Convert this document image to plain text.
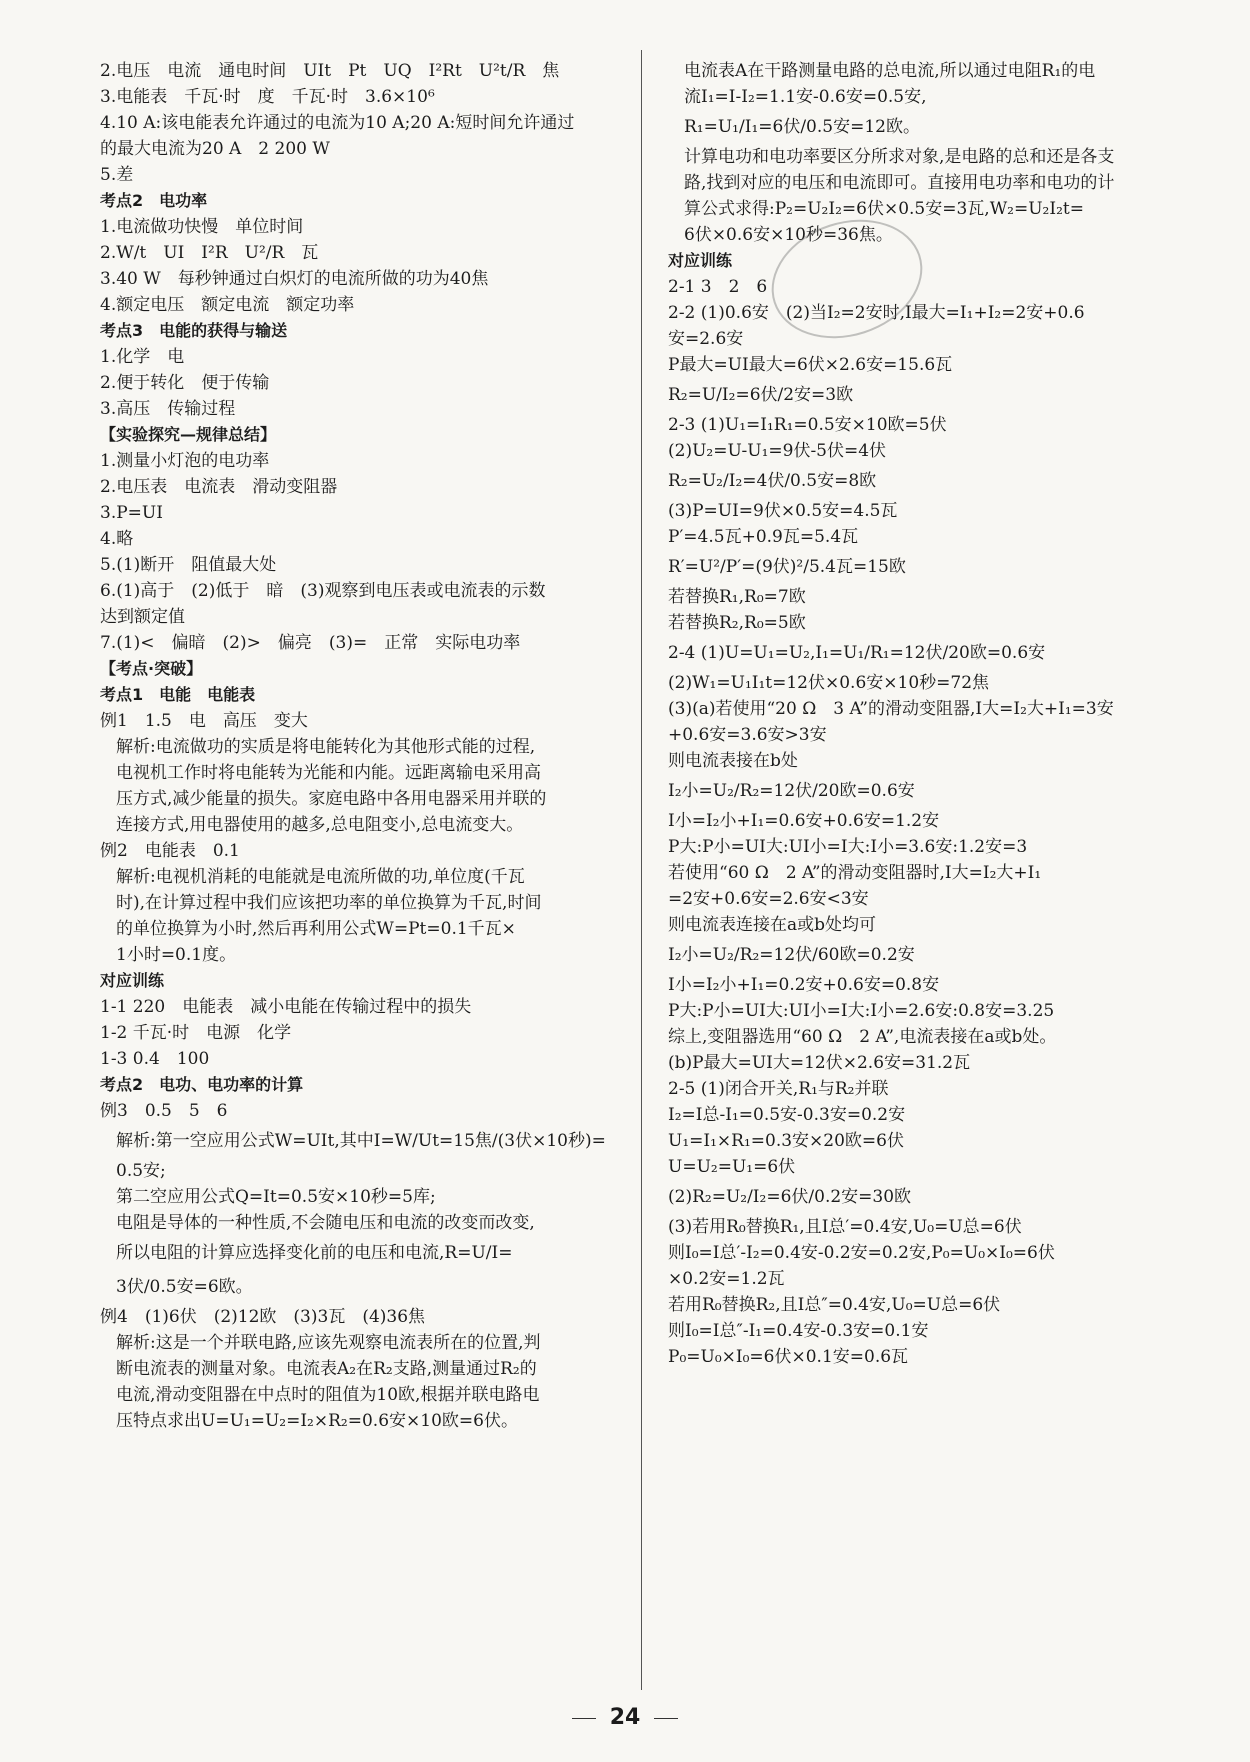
2.电压　电流　通电时间　UIt　Pt　UQ　I²Rt　U²t/R　焦

3.电能表　千瓦·时　度　千瓦·时　3.6×10⁶

4.10 A:该电能表允许通过的电流为10 A;20 A:短时间允许通过

的最大电流为20 A　2 200 W

5.差

考点2　电功率

1.电流做功快慢　单位时间

2.W/t　UI　I²R　U²/R　瓦

3.40 W　每秒钟通过白炽灯的电流所做的功为40焦

4.额定电压　额定电流　额定功率

考点3　电能的获得与输送

1.化学　电

2.便于转化　便于传输

3.高压　传输过程

【实验探究—规律总结】

1.测量小灯泡的电功率

2.电压表　电流表　滑动变阻器

3.P=UI

4.略

5.(1)断开　阻值最大处

6.(1)高于　(2)低于　暗　(3)观察到电压表或电流表的示数

达到额定值

7.(1)<　偏暗　(2)>　偏亮　(3)=　正常　实际电功率

【考点·突破】

考点1　电能　电能表

例1　1.5　电　高压　变大

解析:电流做功的实质是将电能转化为其他形式能的过程,

电视机工作时将电能转为光能和内能。远距离输电采用高

压方式,减少能量的损失。家庭电路中各用电器采用并联的

连接方式,用电器使用的越多,总电阻变小,总电流变大。

例2　电能表　0.1

解析:电视机消耗的电能就是电流所做的功,单位度(千瓦

时),在计算过程中我们应该把功率的单位换算为千瓦,时间

的单位换算为小时,然后再利用公式W=Pt=0.1千瓦×

1小时=0.1度。

对应训练

1-1 220　电能表　减小电能在传输过程中的损失

1-2 千瓦·时　电源　化学

1-3 0.4　100

考点2　电功、电功率的计算

例3　0.5　5　6

解析:第一空应用公式W=UIt,其中I=W/Ut=15焦/(3伏×10秒)=

0.5安;

第二空应用公式Q=It=0.5安×10秒=5库;

电阻是导体的一种性质,不会随电压和电流的改变而改变,

所以电阻的计算应选择变化前的电压和电流,R=U/I=

3伏/0.5安=6欧。

例4　(1)6伏　(2)12欧　(3)3瓦　(4)36焦

解析:这是一个并联电路,应该先观察电流表所在的位置,判

断电流表的测量对象。电流表A₂在R₂支路,测量通过R₂的

电流,滑动变阻器在中点时的阻值为10欧,根据并联电路电

压特点求出U=U₁=U₂=I₂×R₂=0.6安×10欧=6伏。

电流表A在干路测量电路的总电流,所以通过电阻R₁的电

流I₁=I-I₂=1.1安-0.6安=0.5安,

R₁=U₁/I₁=6伏/0.5安=12欧。

计算电功和电功率要区分所求对象,是电路的总和还是各支

路,找到对应的电压和电流即可。直接用电功率和电功的计

算公式求得:P₂=U₂I₂=6伏×0.5安=3瓦,W₂=U₂I₂t=

6伏×0.6安×10秒=36焦。

对应训练

2-1 3　2　6

2-2 (1)0.6安　(2)当I₂=2安时,I最大=I₁+I₂=2安+0.6

安=2.6安

P最大=UI最大=6伏×2.6安=15.6瓦

R₂=U/I₂=6伏/2安=3欧

2-3 (1)U₁=I₁R₁=0.5安×10欧=5伏

(2)U₂=U-U₁=9伏-5伏=4伏

R₂=U₂/I₂=4伏/0.5安=8欧

(3)P=UI=9伏×0.5安=4.5瓦

P′=4.5瓦+0.9瓦=5.4瓦

R′=U²/P′=(9伏)²/5.4瓦=15欧

若替换R₁,R₀=7欧

若替换R₂,R₀=5欧

2-4 (1)U=U₁=U₂,I₁=U₁/R₁=12伏/20欧=0.6安

(2)W₁=U₁I₁t=12伏×0.6安×10秒=72焦

(3)(a)若使用“20 Ω　3 A”的滑动变阻器,I大=I₂大+I₁=3安

+0.6安=3.6安>3安

则电流表接在b处

I₂小=U₂/R₂=12伏/20欧=0.6安

I小=I₂小+I₁=0.6安+0.6安=1.2安

P大:P小=UI大:UI小=I大:I小=3.6安:1.2安=3

若使用“60 Ω　2 A”的滑动变阻器时,I大=I₂大+I₁

=2安+0.6安=2.6安<3安

则电流表连接在a或b处均可

I₂小=U₂/R₂=12伏/60欧=0.2安

I小=I₂小+I₁=0.2安+0.6安=0.8安

P大:P小=UI大:UI小=I大:I小=2.6安:0.8安=3.25

综上,变阻器选用“60 Ω　2 A”,电流表接在a或b处。

(b)P最大=UI大=12伏×2.6安=31.2瓦

2-5 (1)闭合开关,R₁与R₂并联

I₂=I总-I₁=0.5安-0.3安=0.2安

U₁=I₁×R₁=0.3安×20欧=6伏

U=U₂=U₁=6伏

(2)R₂=U₂/I₂=6伏/0.2安=30欧

(3)若用R₀替换R₁,且I总′=0.4安,U₀=U总=6伏

则I₀=I总′-I₂=0.4安-0.2安=0.2安,P₀=U₀×I₀=6伏

×0.2安=1.2瓦

若用R₀替换R₂,且I总″=0.4安,U₀=U总=6伏

则I₀=I总″-I₁=0.4安-0.3安=0.1安

P₀=U₀×I₀=6伏×0.1安=0.6瓦

24
